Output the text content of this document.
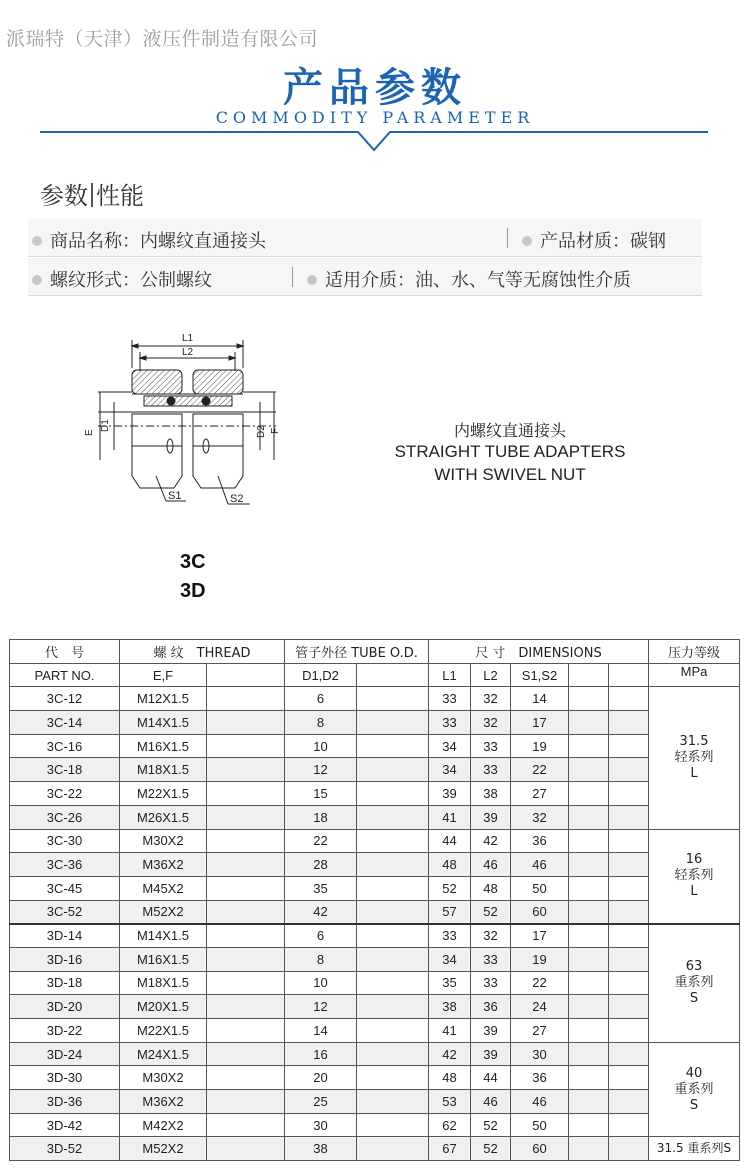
派瑞特（天津）液压件制造有限公司
产品参数
COMMODITY PARAMETER
参数 性能
商品名称：内螺纹直通接头	产品材质：碳钢
螺纹形式：公制螺纹	适用介质：油、水、气等无腐蚀性介质
L1
L2
E
D1	D2 F
S1	S2
内螺纹直通接头
STRAIGHT TUBE ADAPTERS
WITH SWIVEL NUT
3C
3D
代　号	螺 纹　THREAD		管子外径 TUBE O.D.		尺 寸　DIMENSIONS					压力等级
PART NO.	E,F		D1,D2		L1	L2	S1,S2			MPa
3C-12	M12X1.5		6		33	32	14			31.5
轻系列
L

3C-14	M14X1.5		8		33	32	17			
3C-16	M16X1.5		10		34	33	19			
3C-18	M18X1.5		12		34	33	22			
3C-22	M22X1.5		15		39	38	27			
3C-26	M26X1.5		18		41	39	32			
3C-30	M30X2		22		44	42	36			16
轻系列
L

3C-36	M36X2		28		48	46	46			
3C-45	M45X2		35		52	48	50			
3C-52	M52X2		42		57	52	60			
3D-14	M14X1.5		6		33	32	17			63
重系列
S

3D-16	M16X1.5		8		34	33	19			
3D-18	M18X1.5		10		35	33	22			
3D-20	M20X1.5		12		38	36	24			
3D-22	M22X1.5		14		41	39	27			
3D-24	M24X1.5		16		42	39	30			40
重系列
S

3D-30	M30X2		20		48	44	36			
3D-36	M36X2		25		53	46	46			
3D-42	M42X2		30		62	52	50			
3D-52	M52X2		38		67	52	60			31.5 重系列S
